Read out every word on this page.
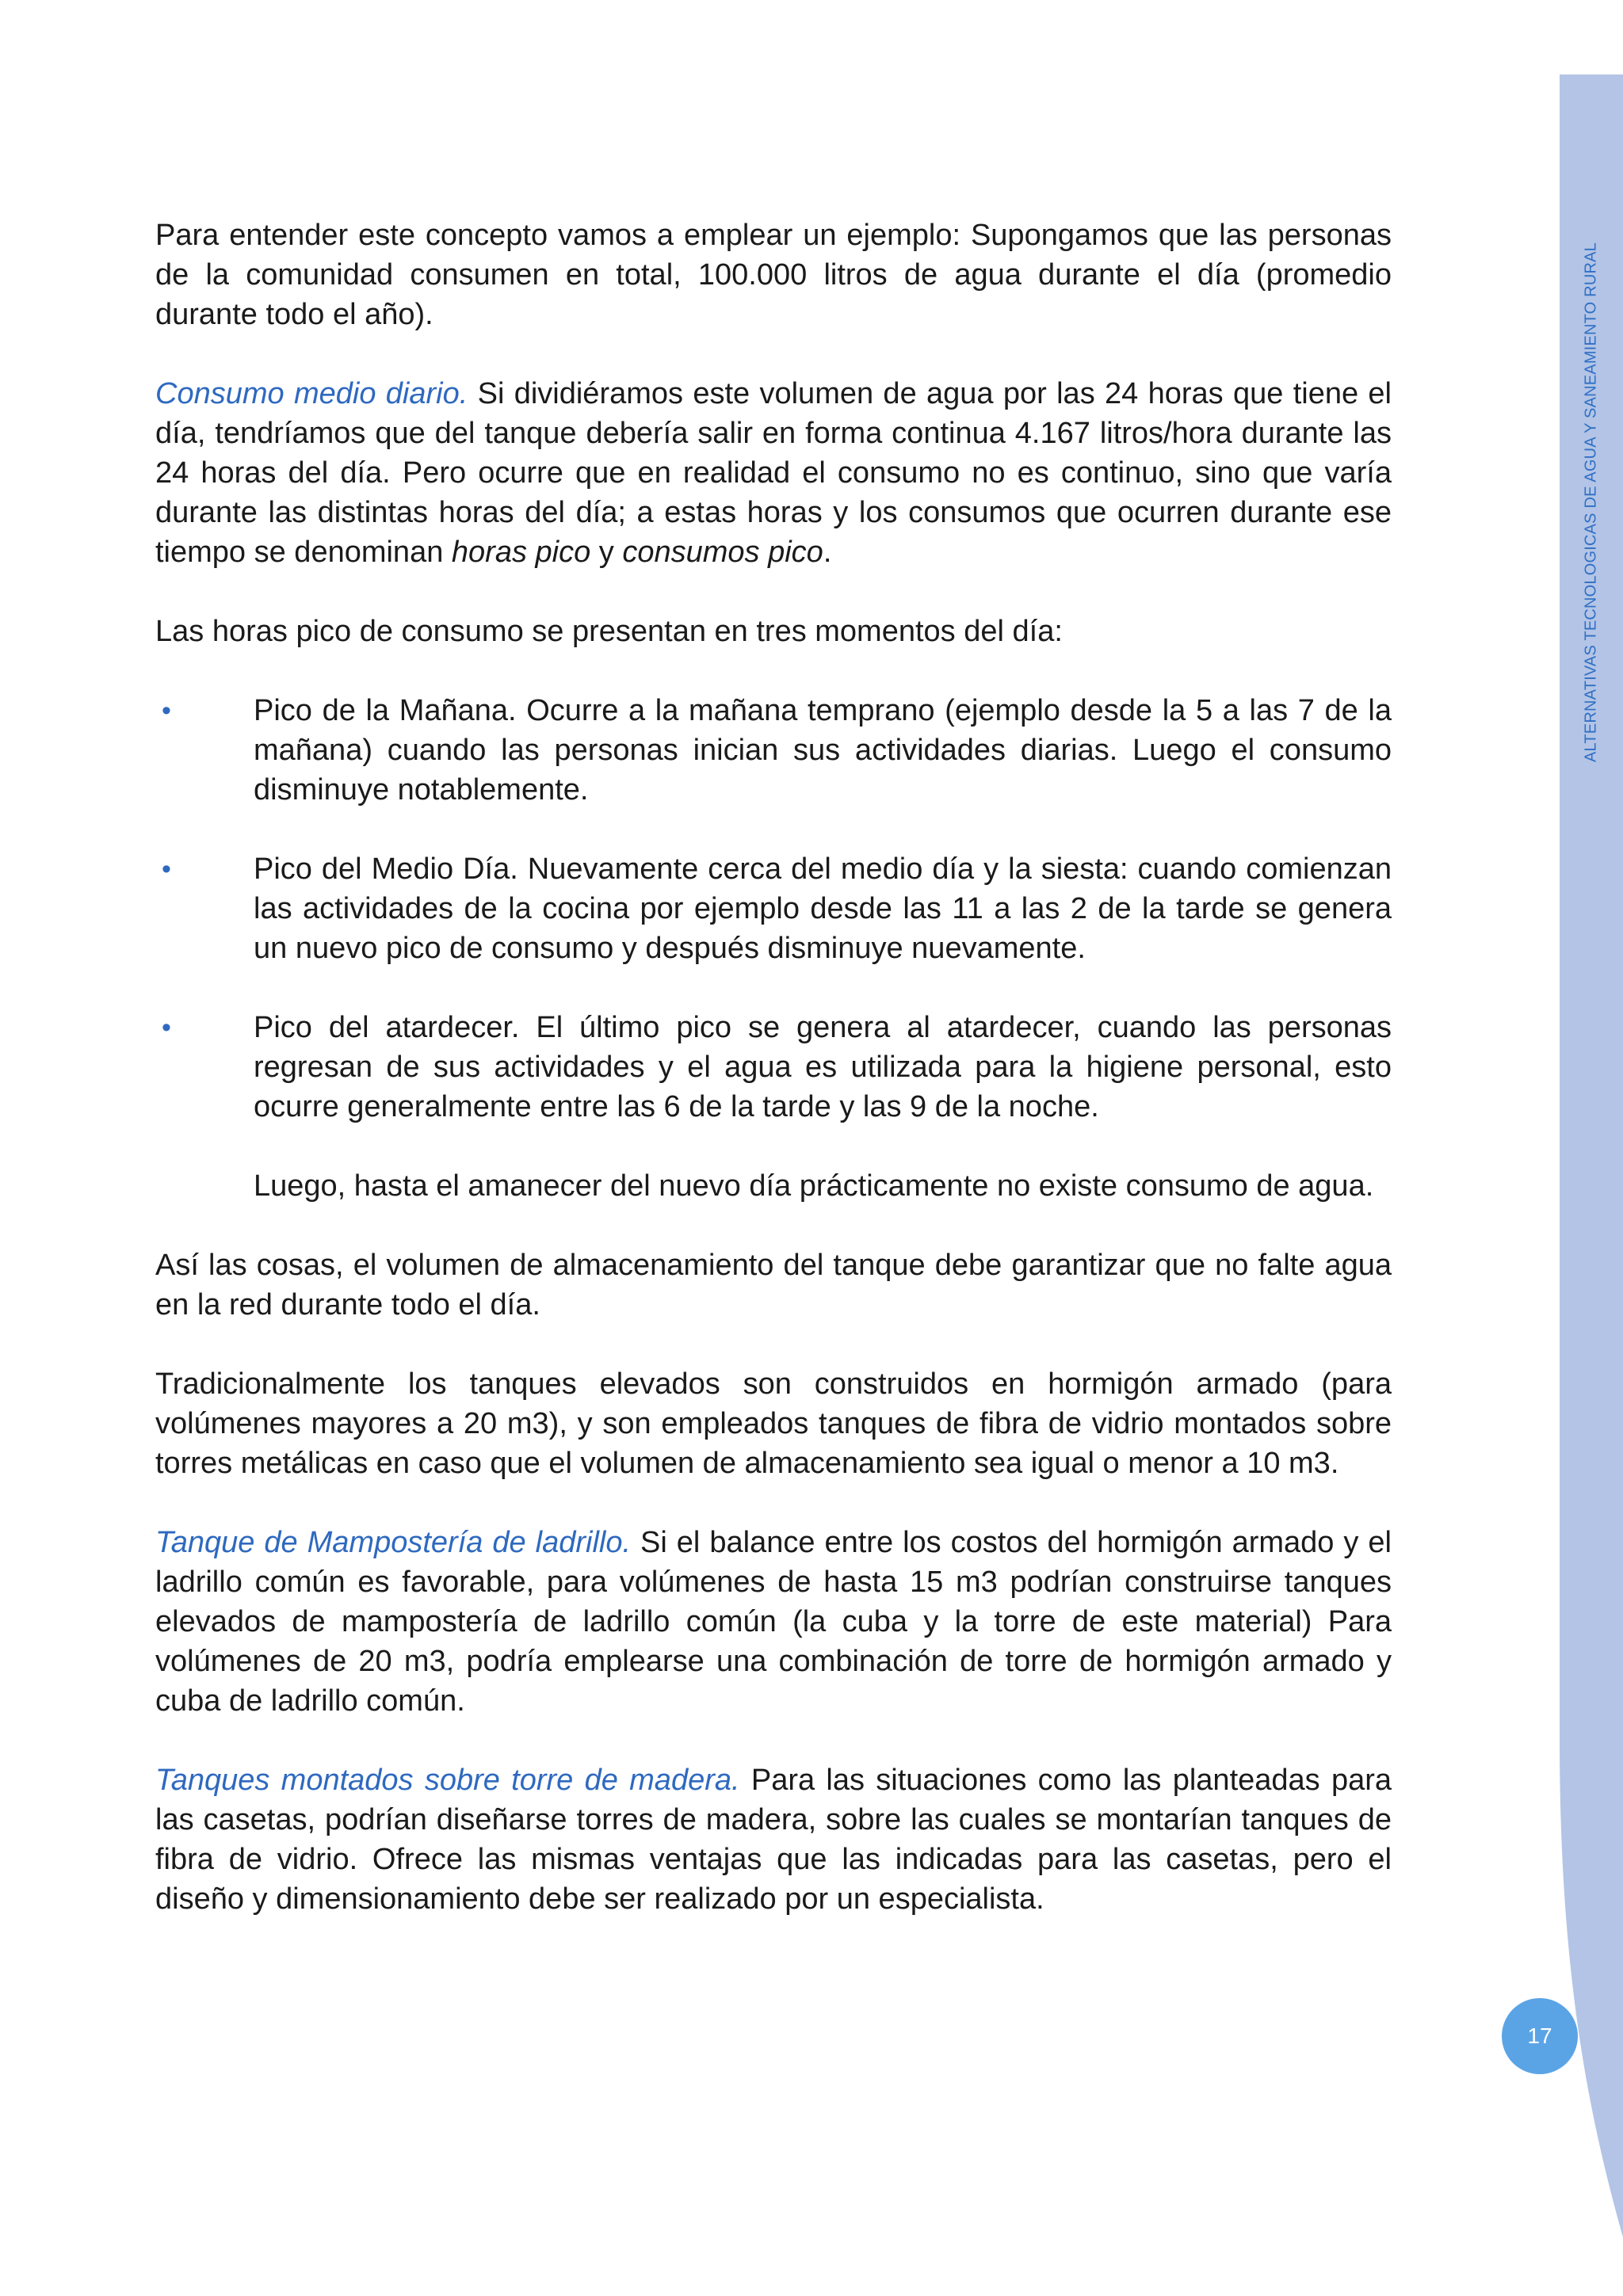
ALTERNATIVAS TECNOLOGICAS DE AGUA Y SANEAMIENTO RURAL
17

Para entender este concepto vamos a emplear un ejemplo: Supongamos que las personas de la comunidad consumen en total, 100.000 litros de agua durante el día (promedio durante todo el año).

Consumo medio diario. Si dividiéramos este volumen de agua por las 24 horas que tiene el día, tendríamos que del tanque debería salir en forma continua 4.167 litros/hora durante las 24 horas del día. Pero ocurre que en realidad el consumo no es continuo, sino que varía durante las distintas horas del día; a estas horas y los consumos que ocurren durante ese tiempo se denominan horas pico y consumos pico.

Las horas pico de consumo se presentan en tres momentos del día:

•	Pico de la Mañana. Ocurre a la mañana temprano (ejemplo desde la 5 a las 7 de la mañana) cuando las personas inician sus actividades diarias. Luego el consumo disminuye notablemente.
•	Pico del Medio Día. Nuevamente cerca del medio día y la siesta: cuando comienzan las actividades de la cocina por ejemplo desde las 11 a las 2 de la tarde se genera un nuevo pico de consumo y después disminuye nuevamente.
•	Pico del atardecer. El último pico se genera al atardecer, cuando las personas regresan de sus actividades y el agua es utilizada para la higiene personal, esto ocurre generalmente entre las 6 de la tarde y las 9 de la noche.

Luego, hasta el amanecer del nuevo día prácticamente no existe consumo de agua.

Así las cosas, el volumen de almacenamiento del tanque debe garantizar que no falte agua en la red durante todo el día.

Tradicionalmente los tanques elevados son construidos en hormigón armado (para volúmenes mayores a 20 m3), y son empleados tanques de fibra de vidrio montados sobre torres metálicas en caso que el volumen de almacenamiento sea igual o menor a 10 m3.

Tanque de Mampostería de ladrillo. Si el balance entre los costos del hormigón armado y el ladrillo común es favorable, para volúmenes de hasta 15 m3 podrían construirse tanques elevados de mampostería de ladrillo común (la cuba y la torre de este material) Para volúmenes de 20 m3, podría emplearse una combinación de torre de hormigón armado y cuba de ladrillo común.

Tanques montados sobre torre de madera. Para las situaciones como las planteadas para las casetas, podrían diseñarse torres de madera, sobre las cuales se montarían tanques de fibra de vidrio. Ofrece las mismas ventajas que las indicadas para las casetas, pero el diseño y dimensionamiento debe ser realizado por un especialista.
